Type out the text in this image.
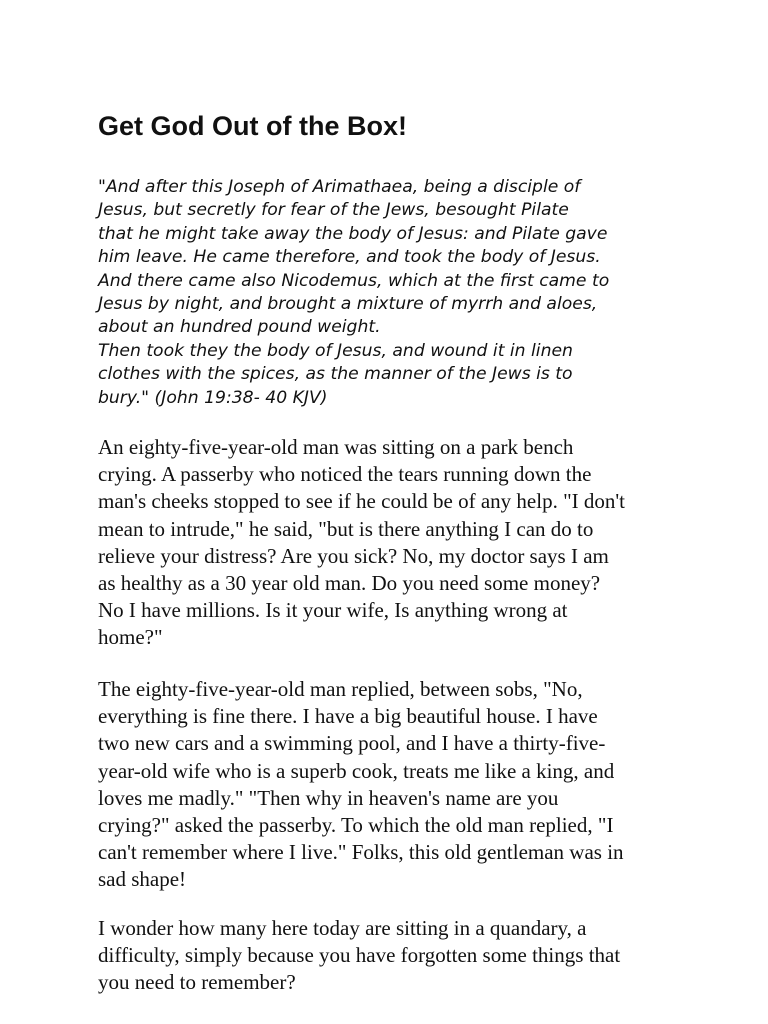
Get God Out of the Box!
"And after this Joseph of Arimathaea, being a disciple of
Jesus, but secretly for fear of the Jews, besought Pilate
that he might take away the body of Jesus: and Pilate gave
him leave. He came therefore, and took the body of Jesus.
And there came also Nicodemus, which at the first came to
Jesus by night, and brought a mixture of myrrh and aloes,
about an hundred pound weight.
Then took they the body of Jesus, and wound it in linen
clothes with the spices, as the manner of the Jews is to
bury." (John 19:38- 40 KJV)
An eighty-five-year-old man was sitting on a park bench
crying. A passerby who noticed the tears running down the
man's cheeks stopped to see if he could be of any help. "I don't
mean to intrude," he said, "but is there anything I can do to
relieve your distress? Are you sick? No, my doctor says I am
as healthy as a 30 year old man. Do you need some money?
No I have millions. Is it your wife, Is anything wrong at
home?"
The eighty-five-year-old man replied, between sobs, "No,
everything is fine there. I have a big beautiful house. I have
two new cars and a swimming pool, and I have a thirty-five-
year-old wife who is a superb cook, treats me like a king, and
loves me madly." "Then why in heaven's name are you
crying?" asked the passerby. To which the old man replied, "I
can't remember where I live." Folks, this old gentleman was in
sad shape!
I wonder how many here today are sitting in a quandary, a
difficulty, simply because you have forgotten some things that
you need to remember?
